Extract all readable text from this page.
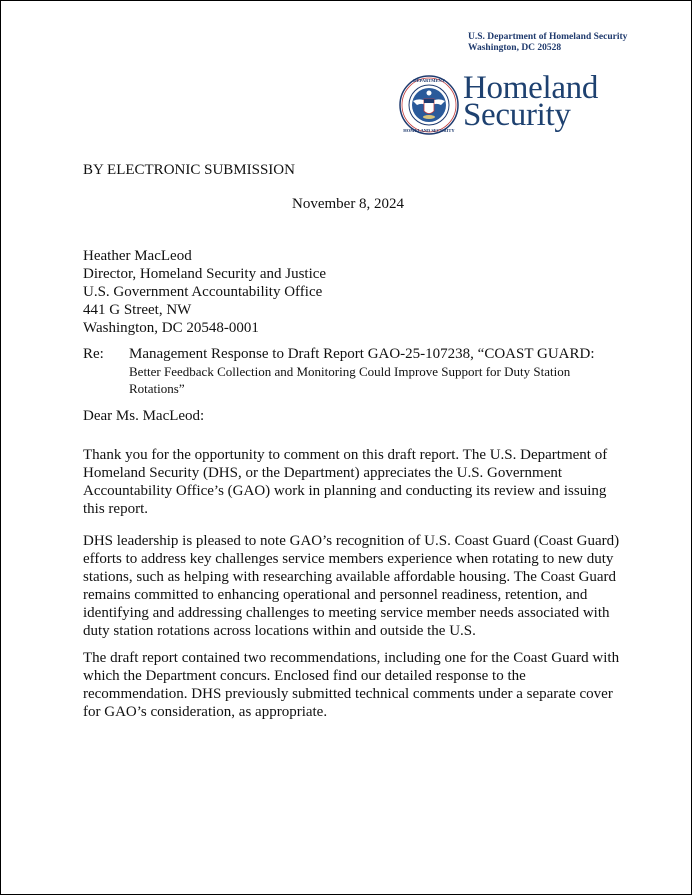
U.S. Department of Homeland Security
Washington, DC 20528
DEPARTMENT
HOMELAND SECURITY
Homeland
Security
BY ELECTRONIC SUBMISSION
November 8, 2024
Heather MacLeod
Director, Homeland Security and Justice
U.S. Government Accountability Office
441 G Street, NW
Washington, DC 20548-0001
Re: Management Response to Draft Report GAO-25-107238, “COAST GUARD:
Better Feedback Collection and Monitoring Could Improve Support for Duty Station
Rotations”
Dear Ms. MacLeod:
Thank you for the opportunity to comment on this draft report. The U.S. Department of
Homeland Security (DHS, or the Department) appreciates the U.S. Government
Accountability Office’s (GAO) work in planning and conducting its review and issuing
this report.
DHS leadership is pleased to note GAO’s recognition of U.S. Coast Guard (Coast Guard)
efforts to address key challenges service members experience when rotating to new duty
stations, such as helping with researching available affordable housing. The Coast Guard
remains committed to enhancing operational and personnel readiness, retention, and
identifying and addressing challenges to meeting service member needs associated with
duty station rotations across locations within and outside the U.S.
The draft report contained two recommendations, including one for the Coast Guard with
which the Department concurs. Enclosed find our detailed response to the
recommendation. DHS previously submitted technical comments under a separate cover
for GAO’s consideration, as appropriate.
